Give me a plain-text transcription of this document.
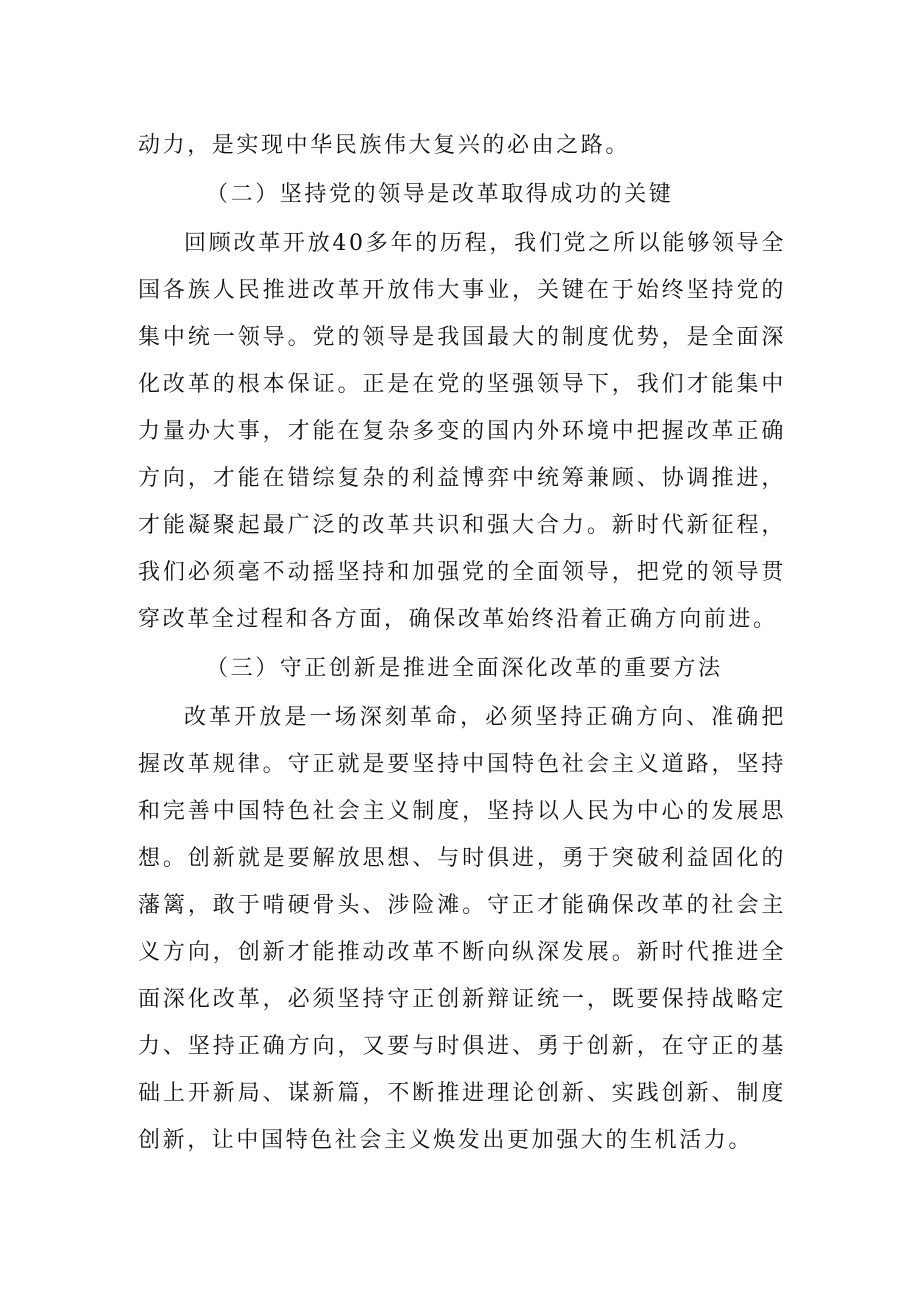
动力，是实现中华民族伟大复兴的必由之路。

（二）坚持党的领导是改革取得成功的关键

回顾改革开放40多年的历程，我们党之所以能够领导全国各族人民推进改革开放伟大事业，关键在于始终坚持党的集中统一领导。党的领导是我国最大的制度优势，是全面深化改革的根本保证。正是在党的坚强领导下，我们才能集中力量办大事，才能在复杂多变的国内外环境中把握改革正确方向，才能在错综复杂的利益博弈中统筹兼顾、协调推进，才能凝聚起最广泛的改革共识和强大合力。新时代新征程，我们必须毫不动摇坚持和加强党的全面领导，把党的领导贯穿改革全过程和各方面，确保改革始终沿着正确方向前进。

（三）守正创新是推进全面深化改革的重要方法

改革开放是一场深刻革命，必须坚持正确方向、准确把握改革规律。守正就是要坚持中国特色社会主义道路，坚持和完善中国特色社会主义制度，坚持以人民为中心的发展思想。创新就是要解放思想、与时俱进，勇于突破利益固化的藩篱，敢于啃硬骨头、涉险滩。守正才能确保改革的社会主义方向，创新才能推动改革不断向纵深发展。新时代推进全面深化改革，必须坚持守正创新辩证统一，既要保持战略定力、坚持正确方向，又要与时俱进、勇于创新，在守正的基础上开新局、谋新篇，不断推进理论创新、实践创新、制度创新，让中国特色社会主义焕发出更加强大的生机活力。
